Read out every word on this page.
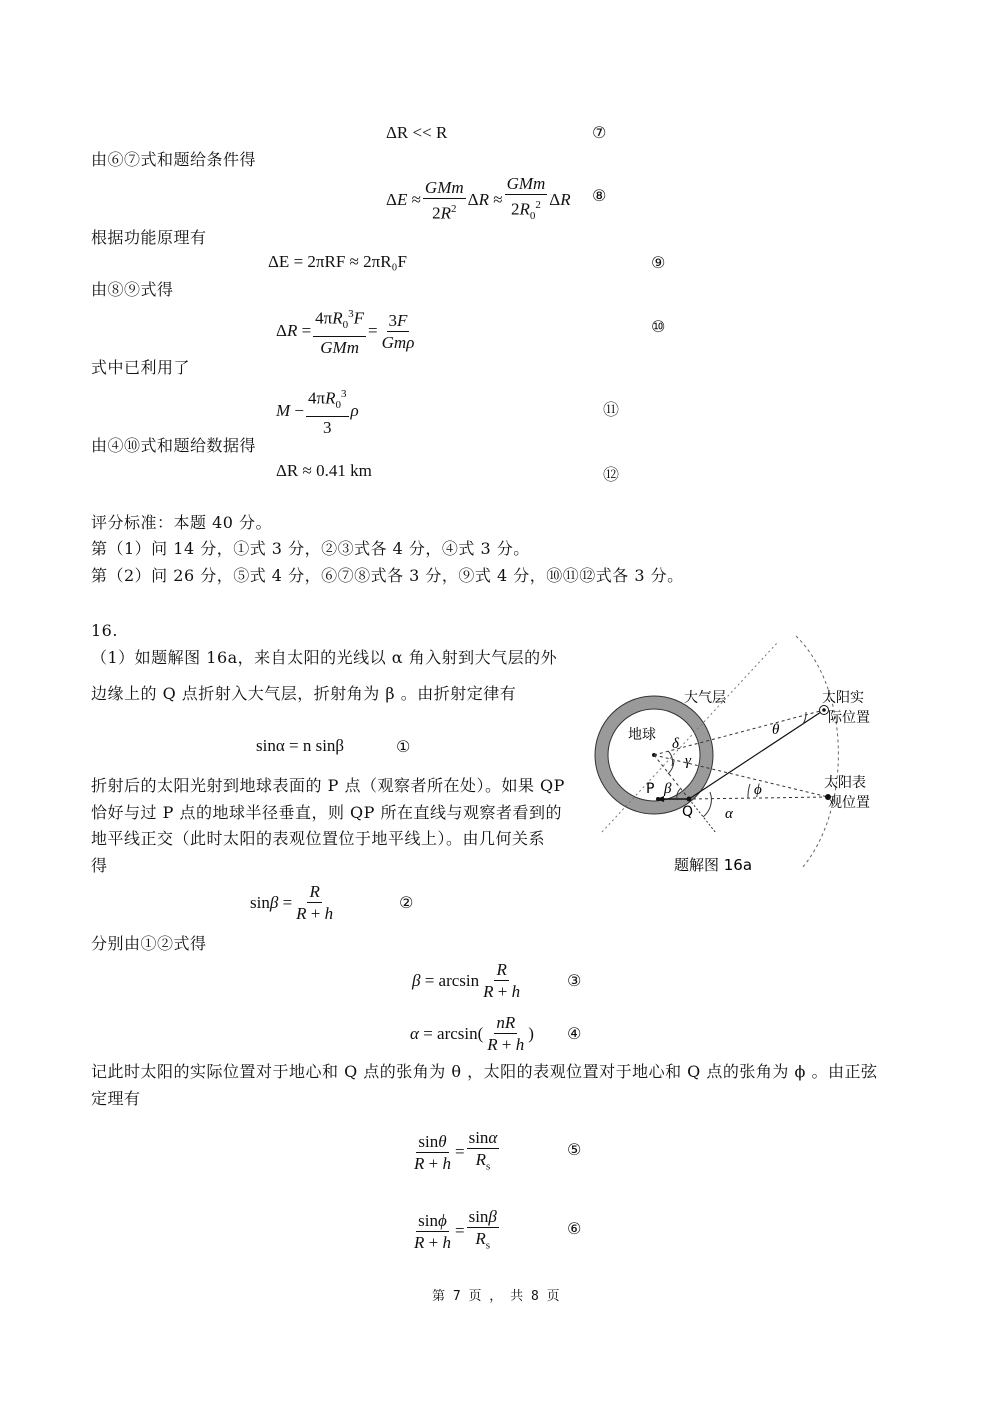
ΔR << R	⑦
由⑥⑦式和题给条件得
$\Delta E \approx \frac{\text{GMm}}{2R^2}$ $\Delta R \approx \frac{\text{GMm}}{2R_0^2}$ ΔR ⑧
根据功能原理有
ΔE = 2πRF ≈ 2πR₀F	⑨
由⑧⑨式得
$\Delta R = \frac{4\pi R_0^3F}{\text{GMm}} = \frac{3F}{\text{Gmρ}}$	⑩
式中已利用了
$M - \frac{4\pi R_0^3}{3}$ ρ	⑪
由④⑩式和题给数据得
ΔR ≈ 0.41 km	⑫
评分标准：本题 40 分。
第（1）问 14 分，①式 3 分，②③式各 4 分，④式 3 分。
第（2）问 26 分，⑤式 4 分，⑥⑦⑧式各 3 分，⑨式 4 分，⑩⑪⑫式各 3 分。
16.
（1）如题解图 16a，来自太阳的光线以 α 角入射到大气层的外
边缘上的 Q 点折射入大气层，折射角为 β 。由折射定律有
sinα = n sinβ	①
折射后的太阳光射到地球表面的 P 点（观察者所在处）。如果 QP
恰好与过 P 点的地球半径垂直，则 QP 所在直线与观察者看到的
地平线正交（此时太阳的表观位置位于地平线上）。由几何关系
得
$\sin\beta = \frac{R}{R + h}$	②
分别由①②式得
$\beta = \arcsin \frac{R}{R + h}$	③
$\alpha = \arcsin( \frac{nR}{R + h}$ ) ④
记此时太阳的实际位置对于地心和 Q 点的张角为 θ ，太阳的表观位置对于地心和 Q 点的张角为 ϕ 。由正弦
定理有
$\frac{\sin\theta}{R + h} = \frac{\sin\alpha}{R_s}$	⑤
$\frac{\sin\phi}{R + h} = \frac{\sin\beta}{R_s}$	⑥
第 7 页 ， 共 8 页
大气层
地球
太阳实
际位置
太阳表
观位置
P
Q
θ
ϕ
α
β
γ
δ
题解图 16a
